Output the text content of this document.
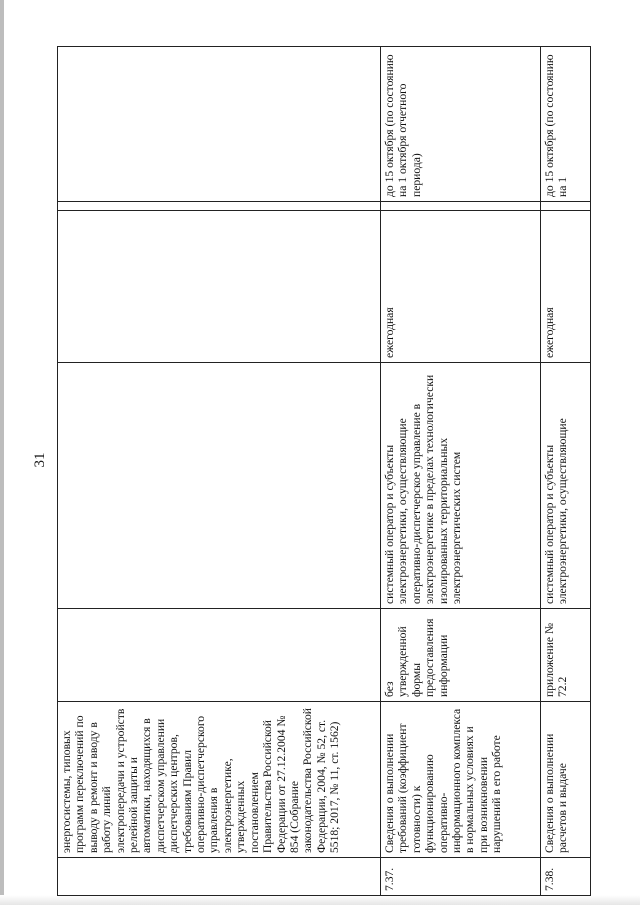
31
	энергосистемы, типовых программ переключений по выводу в ремонт и вводу в работу линий электропередачи и устройств релейной защиты и автоматики, находящихся в диспетчерском управлении диспетчерских центров, требованиям Правил оперативно-диспетчерского управления в электроэнергетике, утвержденных постановлением Правительства Российской Федерации от 27.12.2004 № 854 (Собрание законодательства Российской Федерации, 2004, № 52, ст. 5518; 2017, № 11, ст. 1562)					
7.37.	Сведения о выполнении требований (коэффициент готовности) к функционированию оперативно-информационного комплекса в нормальных условиях и при возникновении нарушений в его работе	без утвержденной формы предоставления информации	системный оператор и субъекты электроэнергетики, осуществляющие оперативно-диспетчерское управление в электроэнергетике в пределах технологически изолированных территориальных электроэнергетических систем	ежегодная		до 15 октября (по состоянию на 1 октября отчетного периода)
7.38.	Сведения о выполнении расчетов и выдаче	приложение № 72.2	системный оператор и субъекты электроэнергетики, осуществляющие	ежегодная		до 15 октября (по состоянию на 1
